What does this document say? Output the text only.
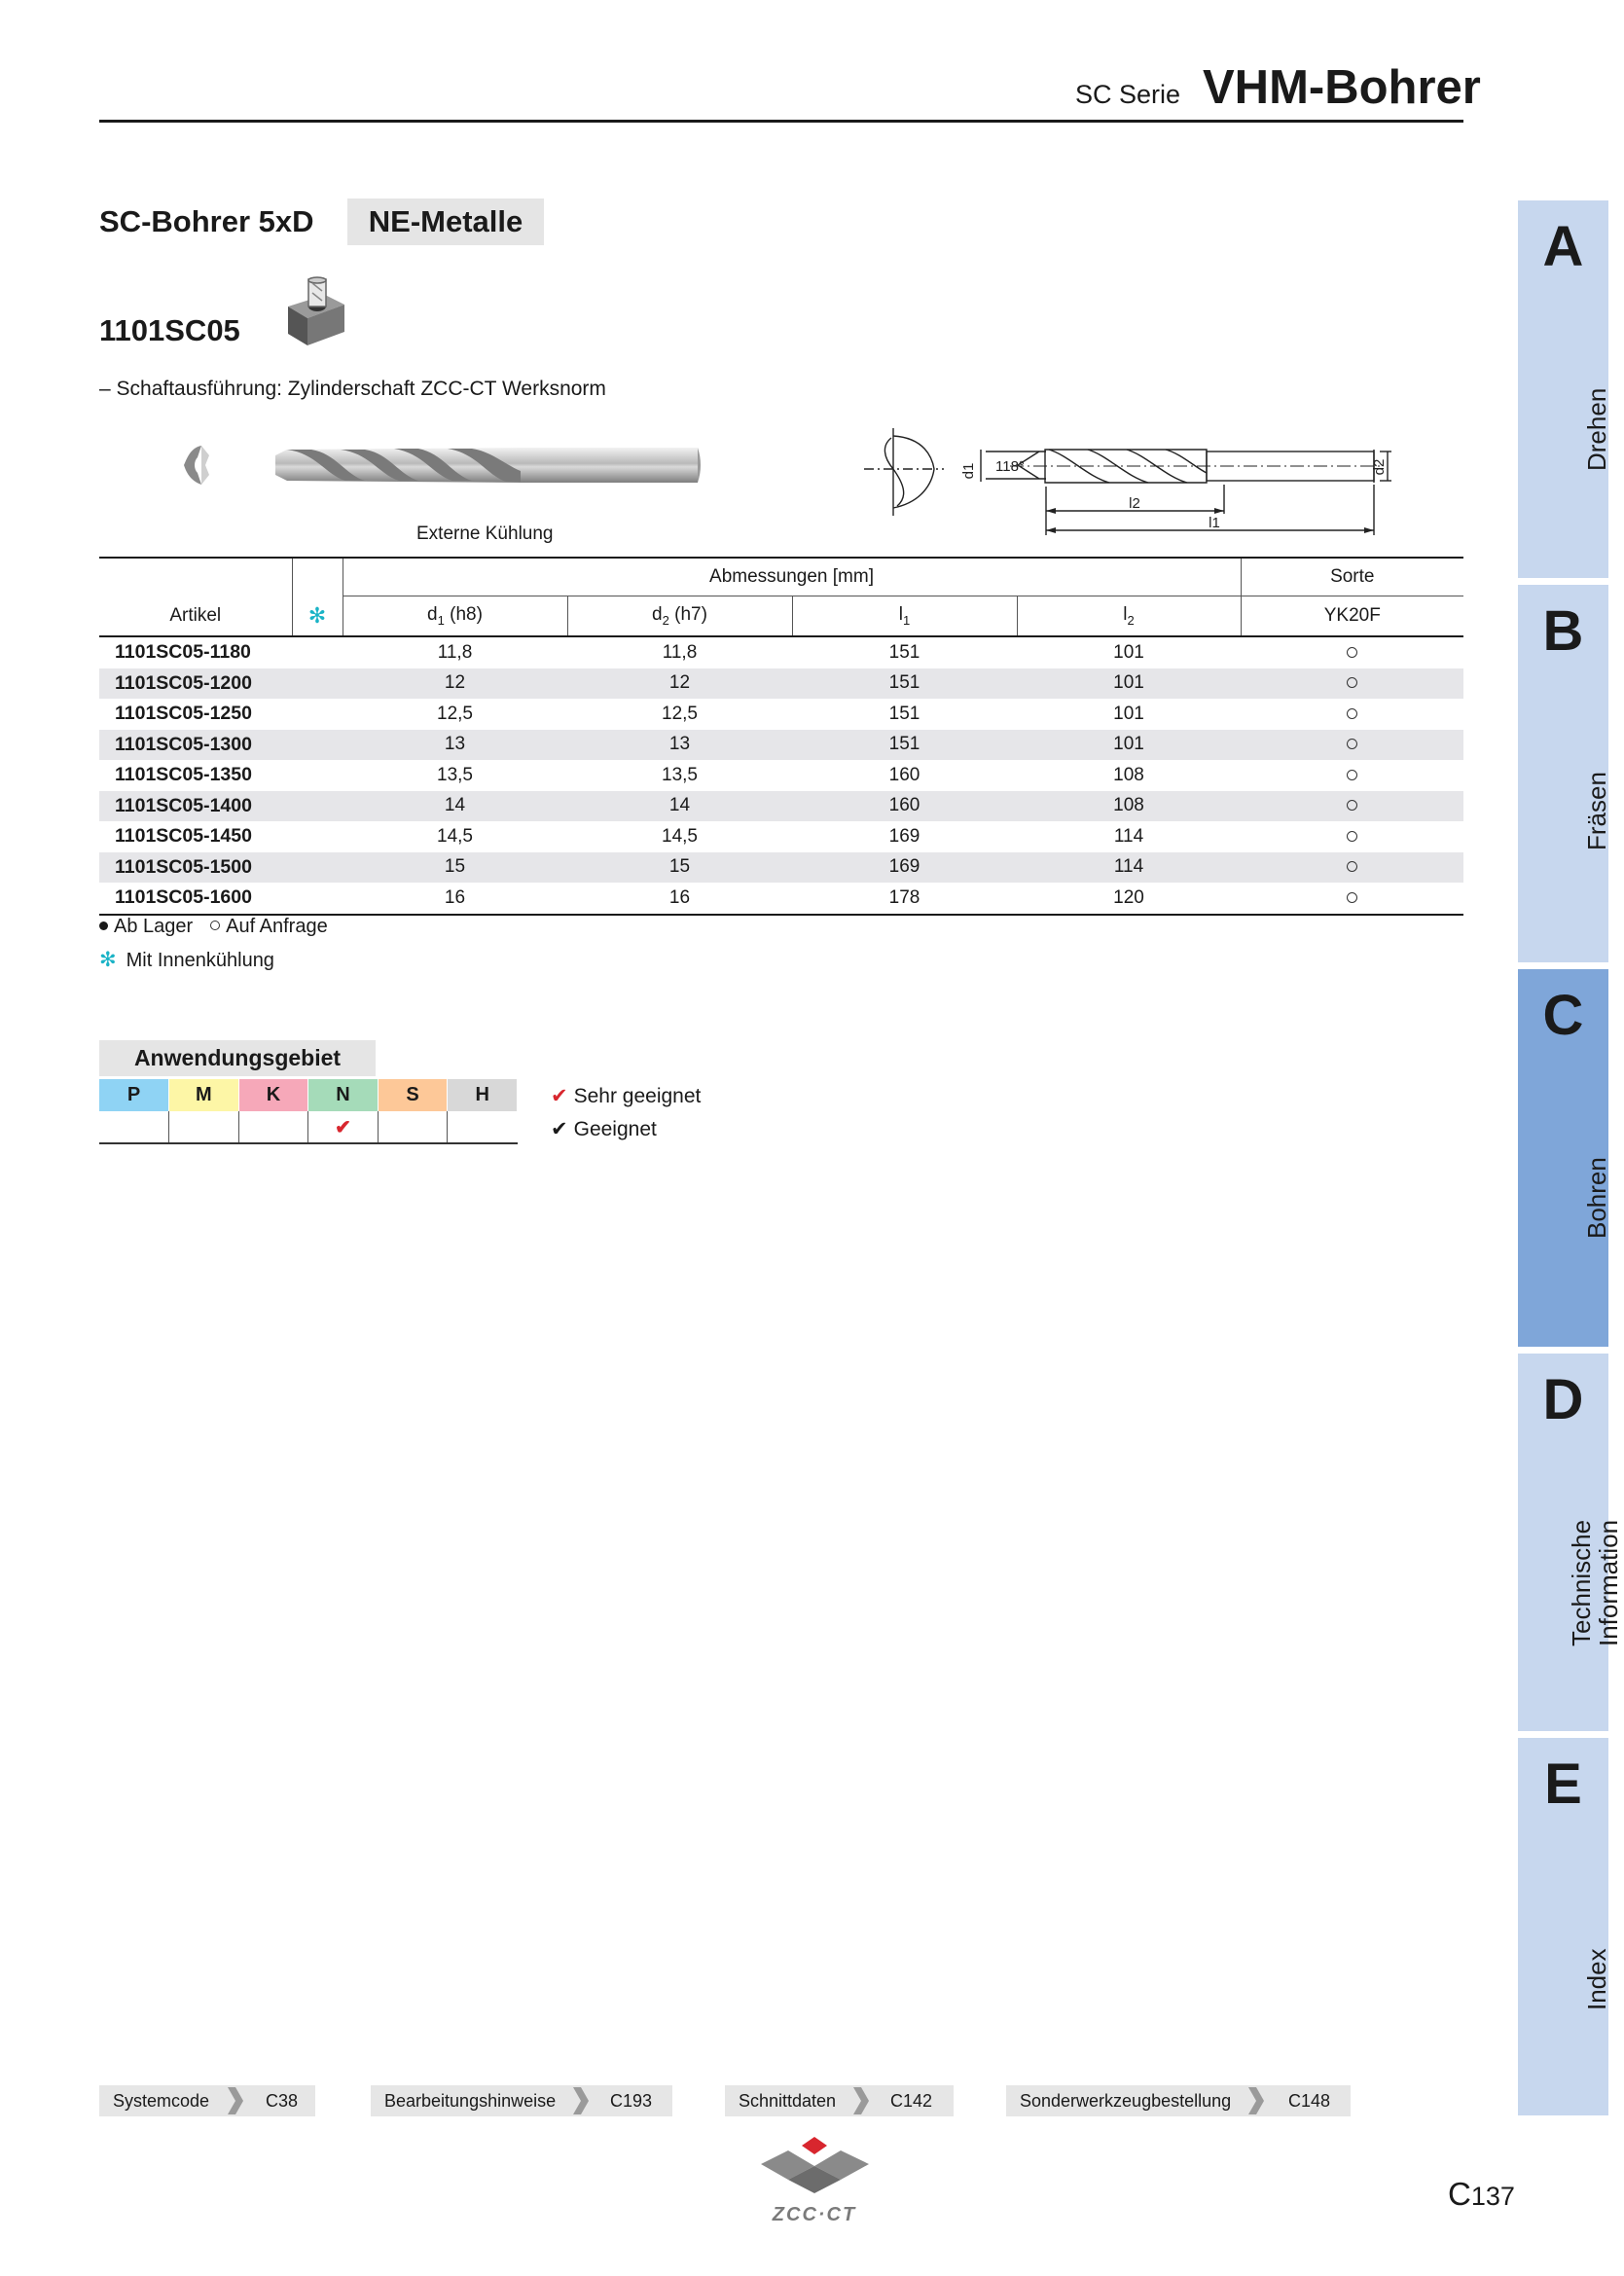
SC Serie VHM-Bohrer
SC-Bohrer 5xD	NE-Metalle
1101SC05
– Schaftausführung: Zylinderschaft ZCC-CT Werksnorm
Externe Kühlung
d1 118°
l2
l1
d2
		Abmessungen [mm]				Sorte
Artikel	✻	$d_1$ (h8)	$d_2$ (h7)	$l_1$	$l_2$	YK20F
1101SC05-1180		11,8	11,8	151	101	
1101SC05-1200		12	12	151	101	
1101SC05-1250		12,5	12,5	151	101	
1101SC05-1300		13	13	151	101	
1101SC05-1350		13,5	13,5	160	108	
1101SC05-1400		14	14	160	108	
1101SC05-1450		14,5	14,5	169	114	
1101SC05-1500		15	15	169	114	
1101SC05-1600		16	16	178	120	
Ab Lager Auf Anfrage
✻ Mit Innenkühlung
Anwendungsgebiet
P	M	K	N	S	H
			✔		
✔ Sehr geeignet
✔ Geeignet
A
B
C
D
E
Drehen
Fräsen
Bohren
Technische
Information
Index
Systemcode	C38	Bearbeitungshinweise	C193	Schnittdaten	C142	Sonderwerkzeugbestellung	C148
ZCC·CT
C137
